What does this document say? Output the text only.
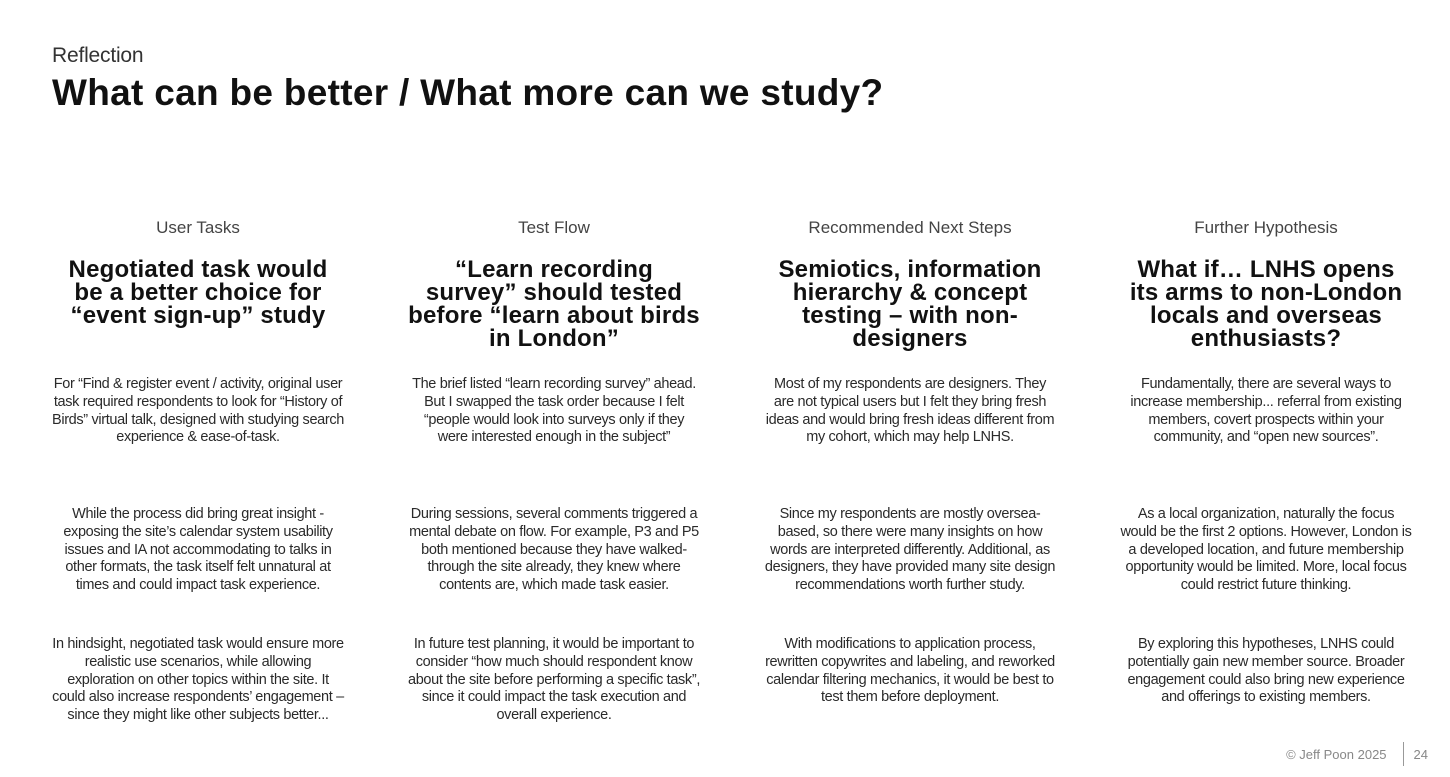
Reflection
What can be better / What more can we study?
User Tasks
Negotiated task would be a better choice for “event sign-up” study
For “Find & register event / activity, original user task required respondents to look for “History of Birds” virtual talk, designed with studying search experience & ease-of-task.
While the process did bring great insight - exposing the site’s calendar system usability issues and IA not accommodating to talks in other formats, the task itself felt unnatural at times and could impact task experience.
In hindsight, negotiated task would ensure more realistic use scenarios, while allowing exploration on other topics within the site. It could also increase respondents’ engagement – since they might like other subjects better...
Test Flow
“Learn recording survey” should tested before “learn about birds in London”
The brief listed “learn recording survey” ahead. But I swapped the task order because I felt “people would look into surveys only if they were interested enough in the subject”
During sessions, several comments triggered a mental debate on flow. For example, P3 and P5 both mentioned because they have walked-through the site already, they knew where contents are, which made task easier.
In future test planning, it would be important to consider “how much should respondent know about the site before performing a specific task”, since it could impact the task execution and overall experience.
Recommended Next Steps
Semiotics, information hierarchy & concept testing – with non-designers
Most of my respondents are designers. They are not typical users but I felt they bring fresh ideas and would bring fresh ideas different from my cohort, which may help LNHS.
Since my respondents are mostly oversea-based, so there were many insights on how words are interpreted differently. Additional, as designers, they have provided many site design recommendations worth further study.
With modifications to application process, rewritten copywrites and labeling, and reworked calendar filtering mechanics, it would be best to test them before deployment.
Further Hypothesis
What if… LNHS opens its arms to non-London locals and overseas enthusiasts?
Fundamentally, there are several ways to increase membership... referral from existing members, covert prospects within your community, and “open new sources”.
As a local organization, naturally the focus would be the first 2 options. However, London is a developed location, and future membership opportunity would be limited. More, local focus could restrict future thinking.
By exploring this hypotheses, LNHS could potentially gain new member source. Broader engagement could also bring new experience and offerings to existing members.
© Jeff Poon 2025 24
